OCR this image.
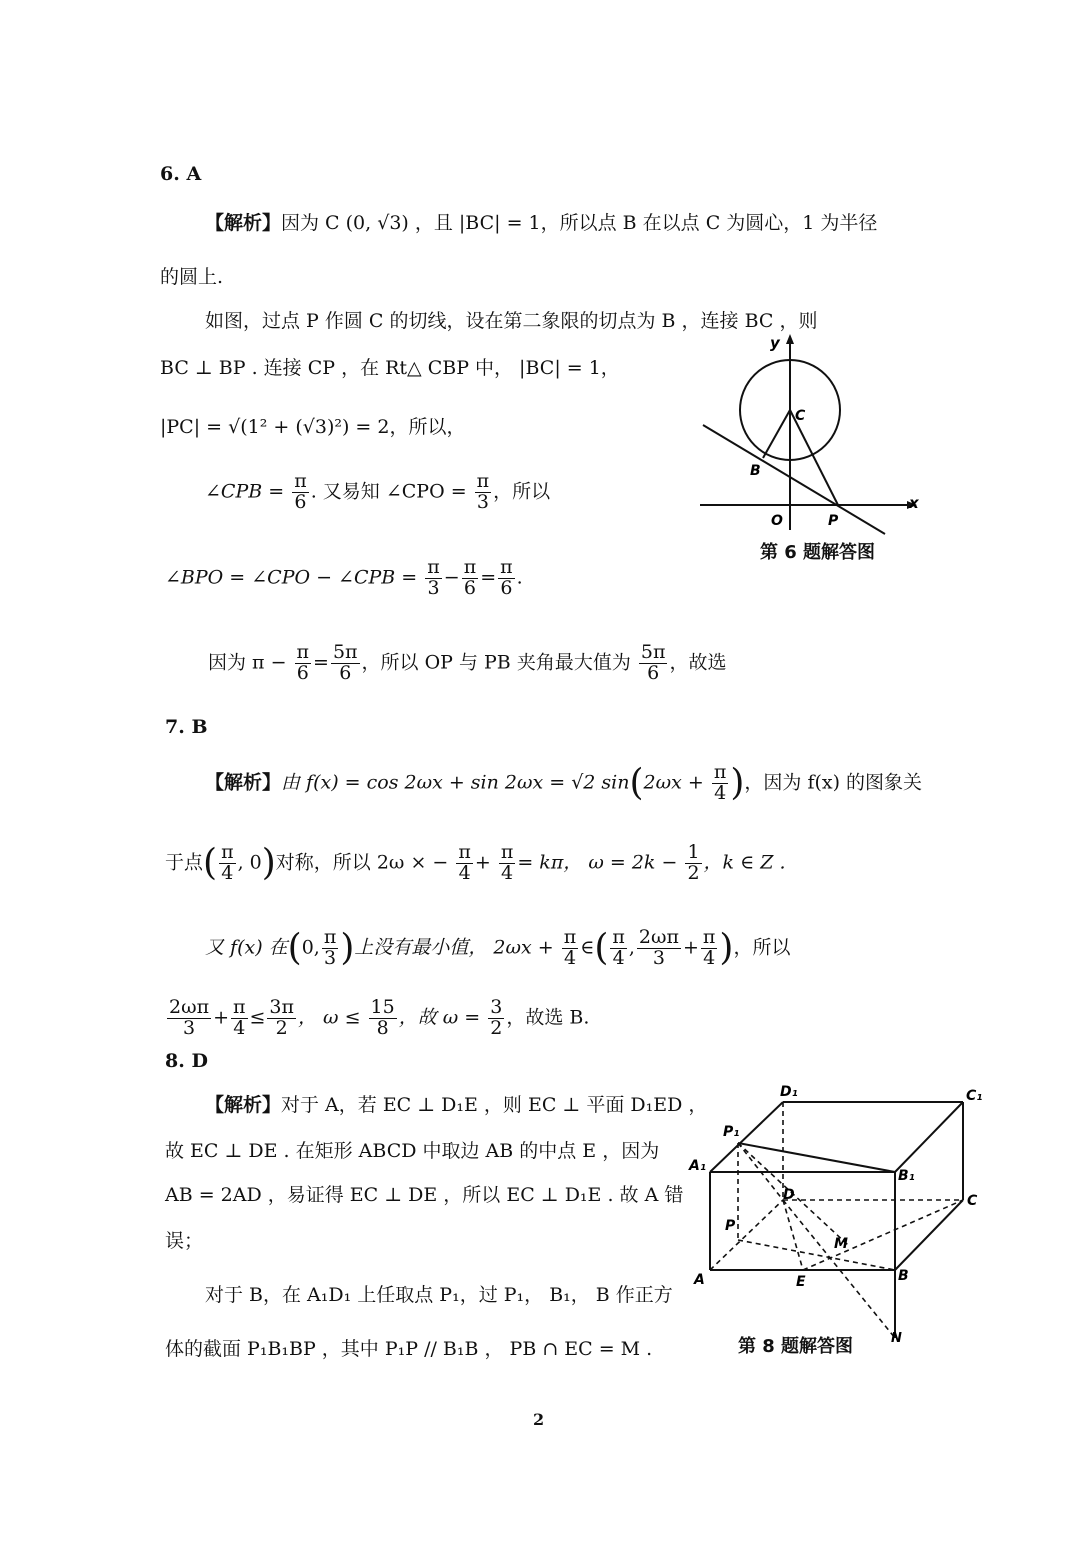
6. A
【解析】因为 C (0, √3) ，且 |BC| = 1，所以点 B 在以点 C 为圆心，1 为半径
的圆上.
如图，过点 P 作圆 C 的切线，设在第二象限的切点为 B ，连接 BC ，则
BC ⊥ BP . 连接 CP ，在 Rt△ CBP 中， |BC| = 1，
|PC| = √(1² + (√3)²) = 2，所以，
∠CPB = $\frac{\pi}{6}$ . 又易知 ∠CPO = $\frac{\pi}{3}$ ，所以
∠BPO = ∠CPO − ∠CPB = $\frac{\pi}{3} - \frac{\pi}{6} = \frac{\pi}{6}$ .
因为 $\pi - \frac{\pi}{6} = \frac{5\pi}{6}$ ，所以 OP 与 PB 夹角最大值为 $\frac{5\pi}{6}$ ，故选
y
x
C
B
O	P
第 6 题解答图
7. B
【解析】由 f(x) = cos 2ωx + sin 2ωx = √2 $\sin(2\omega x + \frac{\pi}{4}$ )，因为 f(x) 的图象关
于点( $\frac{\pi}{4}$ , 0)对称，所以 2ω × − $\frac{\pi}{4} + \frac{\pi}{4} = k\pi$， $\omega = 2k - \frac{1}{2}$ ，k ∈ Z .
又 f(x) 在(0, $\frac{\pi}{3}$ )上没有最小值， $2\omega x + \frac{\pi}{4}$ ∈( $\frac{\pi}{4}$ , $\frac{2\omega\pi}{3} + \frac{\pi}{4}$ )，所以
$\frac{2\omega\pi}{3} + \frac{\pi}{4} \le \frac{3\pi}{2}$ ， $\omega \le \frac{15}{8}$ ，故 $\omega = \frac{3}{2}$ ，故选 B.
8. D
【解析】对于 A，若 EC ⊥ D₁E ，则 EC ⊥ 平面 D₁ED ，
故 EC ⊥ DE . 在矩形 ABCD 中取边 AB 的中点 E ，因为
AB = 2AD ，易证得 EC ⊥ DE ，所以 EC ⊥ D₁E . 故 A 错
误；
对于 B，在 A₁D₁ 上任取点 P₁，过 P₁， B₁， B 作正方
体的截面 P₁B₁BP ，其中 P₁P // B₁B ， PB ∩ EC = M .
D₁	C₁
P₁
A₁
B₁
D	C
P
M
A	E	B
N
第 8 题解答图
2
